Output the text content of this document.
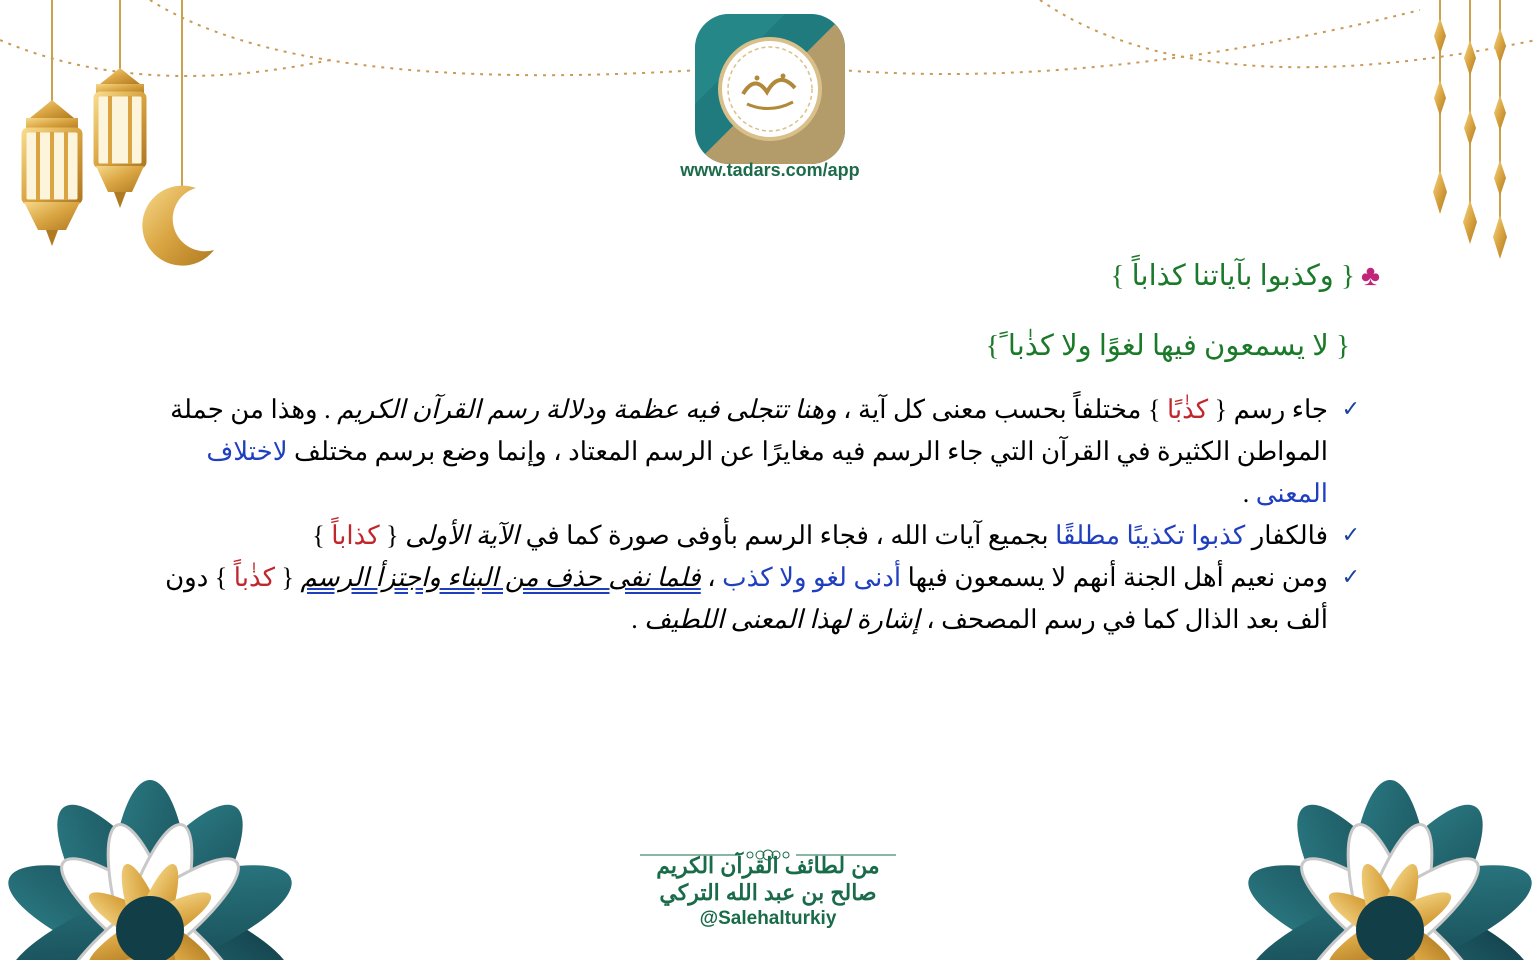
www.tadars.com/app
♣{ وكذبوا بآياتنا كذاباً }
{ لا يسمعون فيها لغوًا ولا كذٰبا ً}
✓
جاء رسم { كذٰبًا } مختلفاً بحسب معنى كل آية ، وهنا تتجلى فيه عظمة ودلالة رسم القرآن الكريم . وهذا من جملة المواطن الكثيرة في القرآن التي جاء الرسم فيه مغايرًا عن الرسم المعتاد ، وإنما وضع برسم مختلف لاختلاف المعنى .
✓
فالكفار كذبوا تكذيبًا مطلقًا بجميع آيات الله ، فجاء الرسم بأوفى صورة كما في الآية الأولى { كذاباً }
✓
ومن نعيم أهل الجنة أنهم لا يسمعون فيها أدنى لغو ولا كذب ، فلما نفى حذف من البناء واجتزأ الرسم { كذٰباً } دون ألف بعد الذال كما في رسم المصحف ، إشارة لهذا المعنى اللطيف .
من لطائف القرآن الكريم
صالح بن عبد الله التركي
@Salehalturkiy
